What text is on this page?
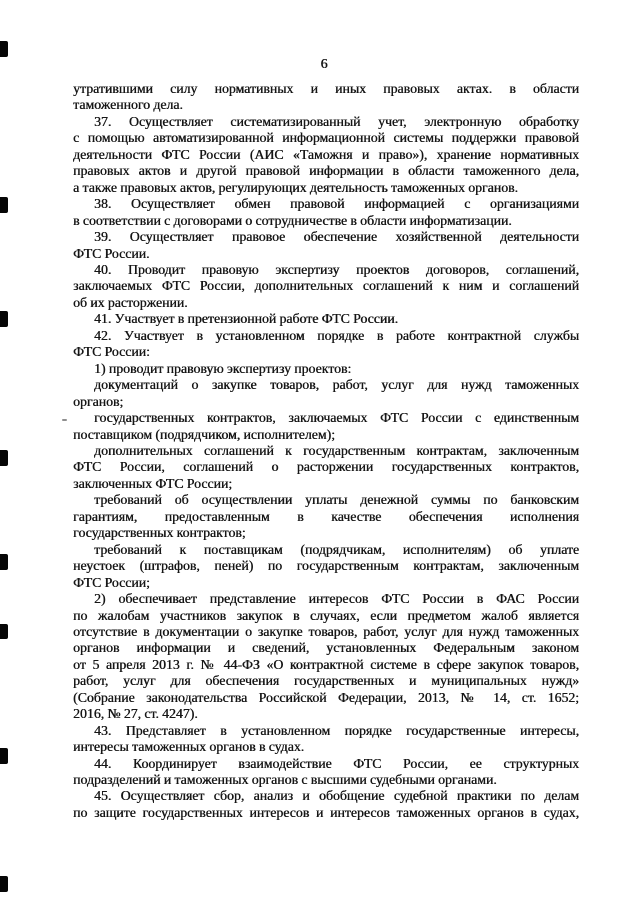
6
утратившими силу нормативных и иных правовых актах. в области
таможенного дела.
37. Осуществляет систематизированный учет, электронную обработку
с помощью автоматизированной информационной системы поддержки правовой
деятельности ФТС России (АИС «Таможня и право»), хранение нормативных
правовых актов и другой правовой информации в области таможенного дела,
а также правовых актов, регулирующих деятельность таможенных органов.
38. Осуществляет обмен правовой информацией с организациями
в соответствии с договорами о сотрудничестве в области информатизации.
39. Осуществляет правовое обеспечение хозяйственной деятельности
ФТС России.
40. Проводит правовую экспертизу проектов договоров, соглашений,
заключаемых ФТС России, дополнительных соглашений к ним и соглашений
об их расторжении.
41. Участвует в претензионной работе ФТС России.
42. Участвует в установленном порядке в работе контрактной службы
ФТС России:
1) проводит правовую экспертизу проектов:
документаций о закупке товаров, работ, услуг для нужд таможенных
органов;
государственных контрактов, заключаемых ФТС России с единственным
поставщиком (подрядчиком, исполнителем);
дополнительных соглашений к государственным контрактам, заключенным
ФТС России, соглашений о расторжении государственных контрактов,
заключенных ФТС России;
требований об осуществлении уплаты денежной суммы по банковским
гарантиям, предоставленным в качестве обеспечения исполнения
государственных контрактов;
требований к поставщикам (подрядчикам, исполнителям) об уплате
неустоек (штрафов, пеней) по государственным контрактам, заключенным
ФТС России;
2) обеспечивает представление интересов ФТС России в ФАС России
по жалобам участников закупок в случаях, если предметом жалоб является
отсутствие в документации о закупке товаров, работ, услуг для нужд таможенных
органов информации и сведений, установленных Федеральным законом
от 5 апреля 2013 г. № 44-ФЗ «О контрактной системе в сфере закупок товаров,
работ, услуг для обеспечения государственных и муниципальных нужд»
(Собрание законодательства Российской Федерации, 2013, № 14, ст. 1652;
2016, № 27, ст. 4247).
43. Представляет в установленном порядке государственные интересы,
интересы таможенных органов в судах.
44. Координирует взаимодействие ФТС России, ее структурных
подразделений и таможенных органов с высшими судебными органами.
45. Осуществляет сбор, анализ и обобщение судебной практики по делам
по защите государственных интересов и интересов таможенных органов в судах,
